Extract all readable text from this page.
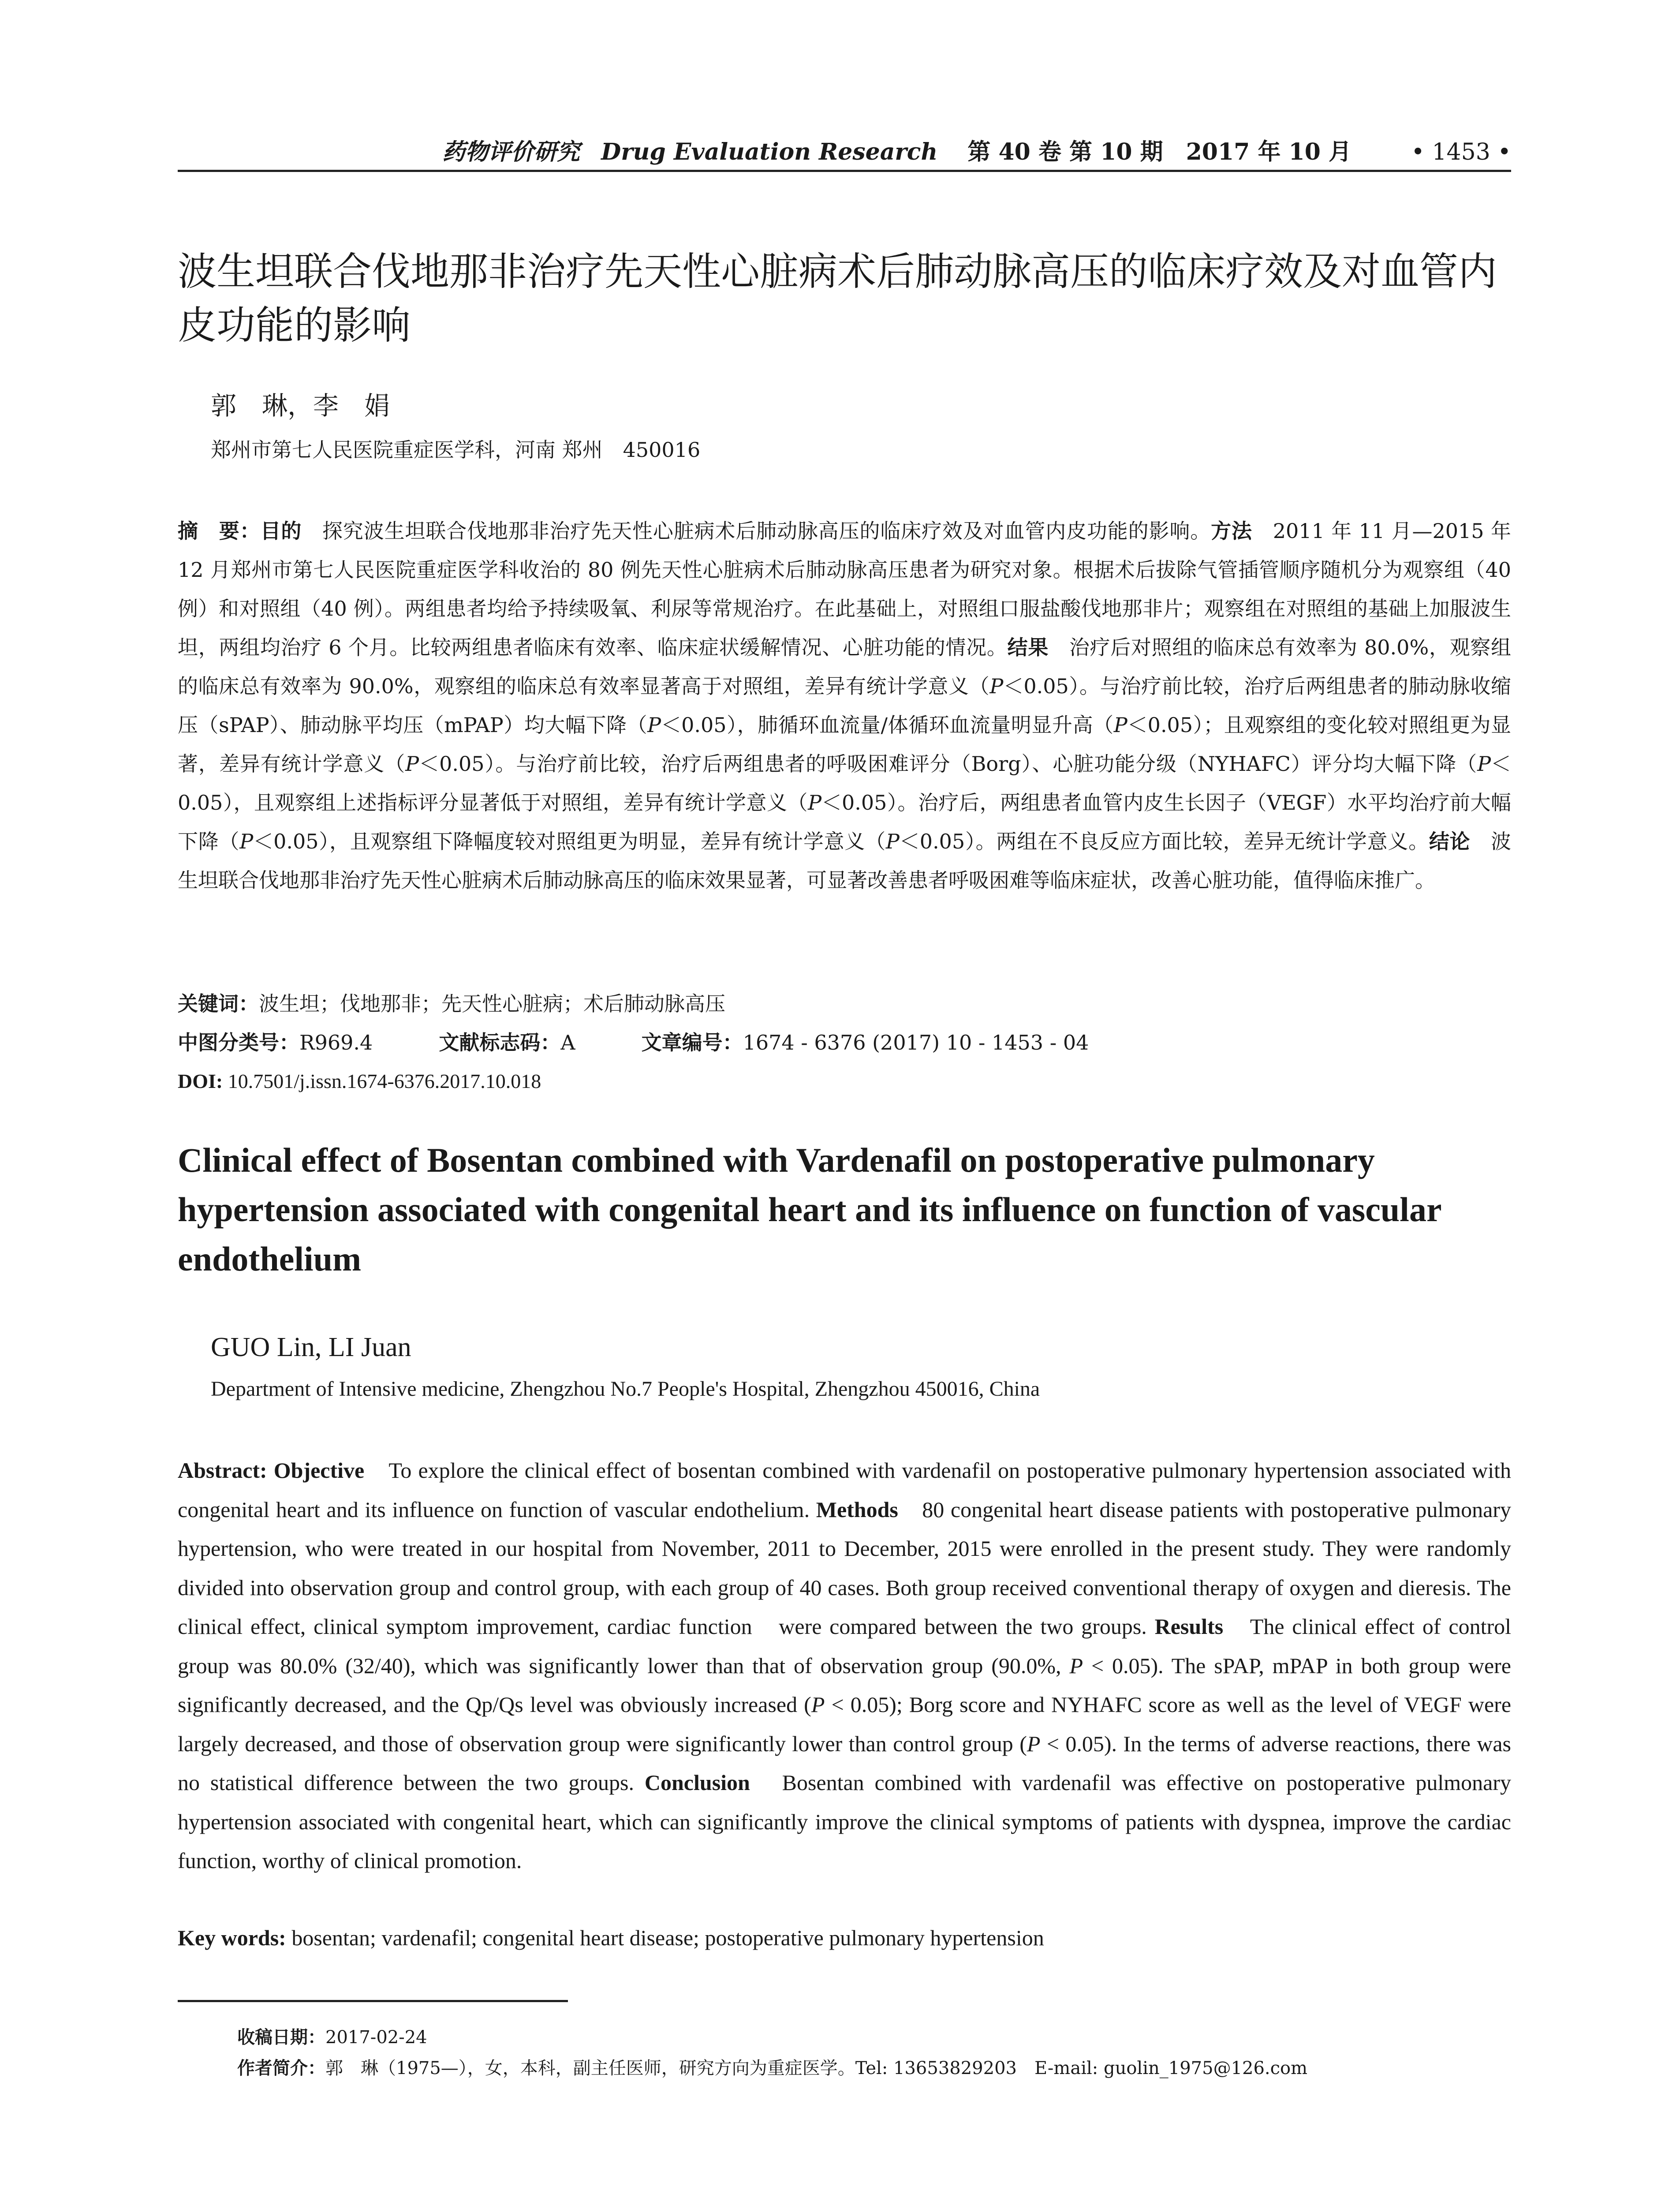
药物评价研究 Drug Evaluation Research 第 40 卷 第 10 期　2017 年 10 月	• 1453 •
波生坦联合伐地那非治疗先天性心脏病术后肺动脉高压的临床疗效及对血管内皮功能的影响
郭　琳，李　娟
郑州市第七人民医院重症医学科，河南 郑州　450016

摘　要：目的　探究波生坦联合伐地那非治疗先天性心脏病术后肺动脉高压的临床疗效及对血管内皮功能的影响。方法　2011 年 11 月—2015 年 12 月郑州市第七人民医院重症医学科收治的 80 例先天性心脏病术后肺动脉高压患者为研究对象。根据术后拔除气管插管顺序随机分为观察组（40 例）和对照组（40 例）。两组患者均给予持续吸氧、利尿等常规治疗。在此基础上，对照组口服盐酸伐地那非片；观察组在对照组的基础上加服波生坦，两组均治疗 6 个月。比较两组患者临床有效率、临床症状缓解情况、心脏功能的情况。结果　治疗后对照组的临床总有效率为 80.0%，观察组的临床总有效率为 90.0%，观察组的临床总有效率显著高于对照组，差异有统计学意义（P＜0.05）。与治疗前比较，治疗后两组患者的肺动脉收缩压（sPAP）、肺动脉平均压（mPAP）均大幅下降（P＜0.05），肺循环血流量/体循环血流量明显升高（P＜0.05）；且观察组的变化较对照组更为显著，差异有统计学意义（P＜0.05）。与治疗前比较，治疗后两组患者的呼吸困难评分（Borg）、心脏功能分级（NYHAFC）评分均大幅下降（P＜0.05），且观察组上述指标评分显著低于对照组，差异有统计学意义（P＜0.05）。治疗后，两组患者血管内皮生长因子（VEGF）水平均治疗前大幅下降（P＜0.05），且观察组下降幅度较对照组更为明显，差异有统计学意义（P＜0.05）。两组在不良反应方面比较，差异无统计学意义。结论　波生坦联合伐地那非治疗先天性心脏病术后肺动脉高压的临床效果显著，可显著改善患者呼吸困难等临床症状，改善心脏功能，值得临床推广。

关键词：波生坦；伐地那非；先天性心脏病；术后肺动脉高压
中图分类号：R969.4	文献标志码：A	文章编号：1674 - 6376 (2017) 10 - 1453 - 04
DOI: 10.7501/j.issn.1674-6376.2017.10.018
Clinical effect of Bosentan combined with Vardenafil on postoperative pulmonary hypertension associated with congenital heart and its influence on function of vascular endothelium
GUO Lin, LI Juan
Department of Intensive medicine, Zhengzhou No.7 People's Hospital, Zhengzhou 450016, China

Abstract: Objective　To explore the clinical effect of bosentan combined with vardenafil on postoperative pulmonary hypertension associated with congenital heart and its influence on function of vascular endothelium. Methods　80 congenital heart disease patients with postoperative pulmonary hypertension, who were treated in our hospital from November, 2011 to December, 2015 were enrolled in the present study. They were randomly divided into observation group and control group, with each group of 40 cases. Both group received conventional therapy of oxygen and dieresis. The clinical effect, clinical symptom improvement, cardiac function　were compared between the two groups. Results　The clinical effect of control group was 80.0% (32/40), which was significantly lower than that of observation group (90.0%, P < 0.05). The sPAP, mPAP in both group were significantly decreased, and the Qp/Qs level was obviously increased (P < 0.05); Borg score and NYHAFC score as well as the level of VEGF were largely decreased, and those of observation group were significantly lower than control group (P < 0.05). In the terms of adverse reactions, there was no statistical difference between the two groups. Conclusion　Bosentan combined with vardenafil was effective on postoperative pulmonary hypertension associated with congenital heart, which can significantly improve the clinical symptoms of patients with dyspnea, improve the cardiac function, worthy of clinical promotion.

Key words: bosentan; vardenafil; congenital heart disease; postoperative pulmonary hypertension
收稿日期：2017-02-24
作者简介：郭　琳（1975—），女，本科，副主任医师，研究方向为重症医学。Tel: 13653829203　E-mail: guolin_1975@126.com
